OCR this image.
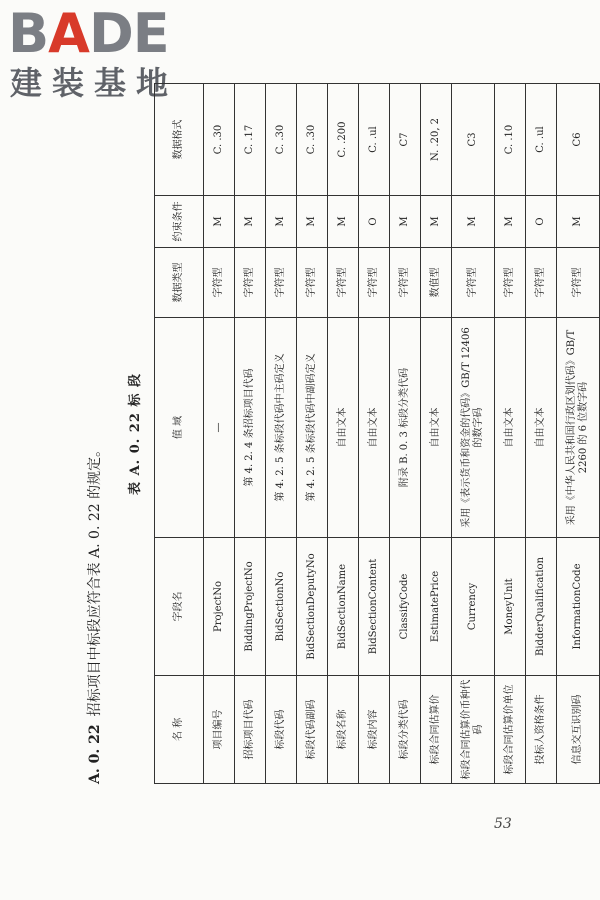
BADE
建装基地
A. 0. 22招标项目中标段应符合表 A. 0. 22 的规定。
表 A. 0. 22 标 段
名 称	字段名	值 域	数据类型	约束条件	数据格式
项目编号	ProjectNo	—	字符型	M	C. .30
招标项目代码	BiddingProjectNo	第 4. 2. 4 条招标项目代码	字符型	M	C. .17
标段代码	BidSectionNo	第 4. 2. 5 条标段代码中主码定义	字符型	M	C. .30
标段代码副码	BidSectionDeputyNo	第 4. 2. 5 条标段代码中副码定义	字符型	M	C. .30
标段名称	BidSectionName	自由文本	字符型	M	C. .200
标段内容	BidSectionContent	自由文本	字符型	O	C. .ul
标段分类代码	ClassifyCode	附录 B. 0. 3 标段分类代码	字符型	M	C7
标段合同估算价	EstimatePrice	自由文本	数值型	M	N. .20, 2
标段合同估算价币种代码	Currency	采用《表示货币和资金的代码》GB/T 12406 的数字码	字符型	M	C3
标段合同估算价单位	MoneyUnit	自由文本	字符型	M	C. .10
投标人资格条件	BidderQualification	自由文本	字符型	O	C. .ul
信息交互识别码	InformationCode	采用《中华人民共和国行政区划代码》GB/T 2260 的 6 位数字码	字符型	M	C6
53
